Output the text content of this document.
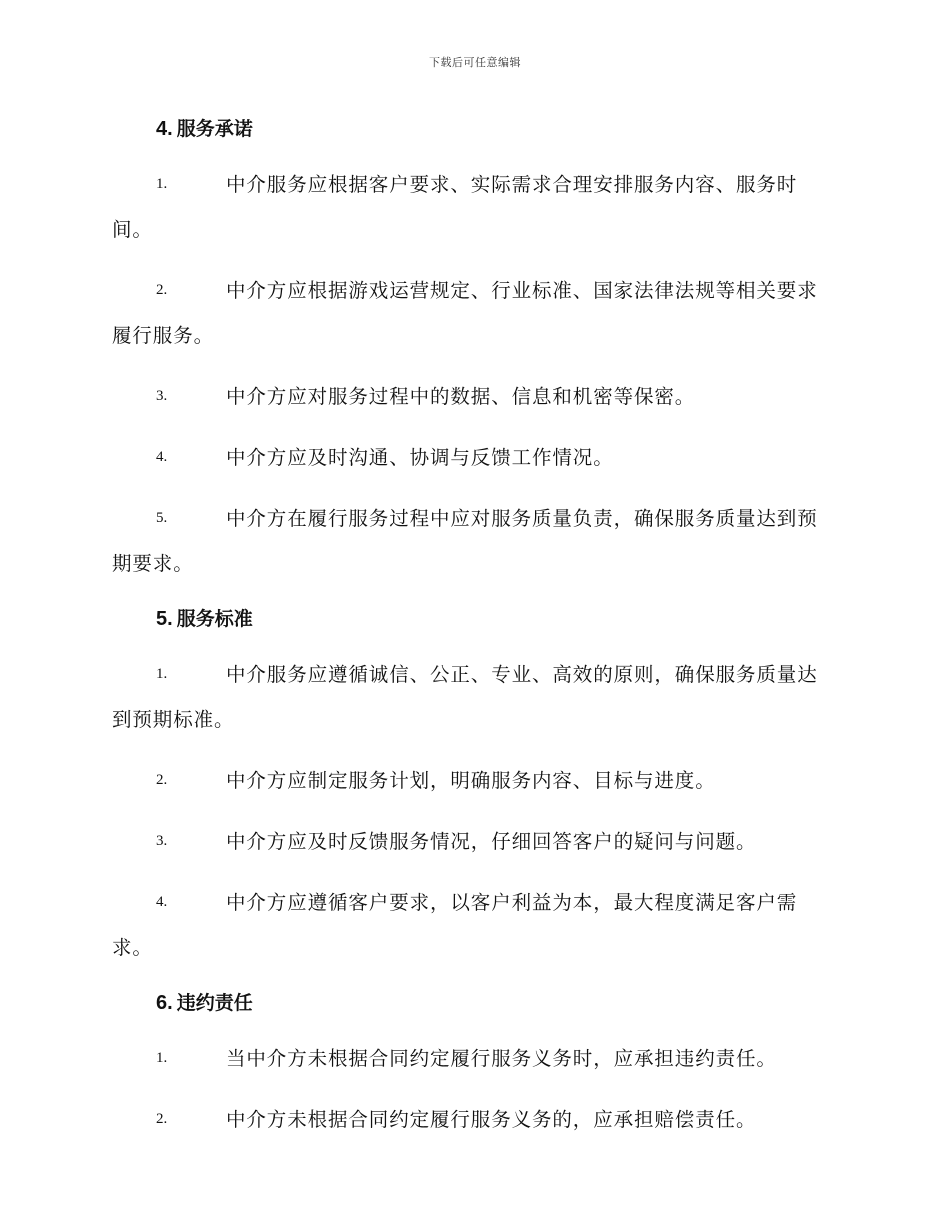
下载后可任意编辑
4. 服务承诺
1.	中介服务应根据客户要求、实际需求合理安排服务内容、服务时间。
2.	中介方应根据游戏运营规定、行业标准、国家法律法规等相关要求履行服务。
3.	中介方应对服务过程中的数据、信息和机密等保密。
4.	中介方应及时沟通、协调与反馈工作情况。
5.	中介方在履行服务过程中应对服务质量负责，确保服务质量达到预期要求。
5. 服务标准
1.	中介服务应遵循诚信、公正、专业、高效的原则，确保服务质量达到预期标准。
2.	中介方应制定服务计划，明确服务内容、目标与进度。
3.	中介方应及时反馈服务情况，仔细回答客户的疑问与问题。
4.	中介方应遵循客户要求，以客户利益为本，最大程度满足客户需求。
6. 违约责任
1.	当中介方未根据合同约定履行服务义务时，应承担违约责任。
2.	中介方未根据合同约定履行服务义务的，应承担赔偿责任。
